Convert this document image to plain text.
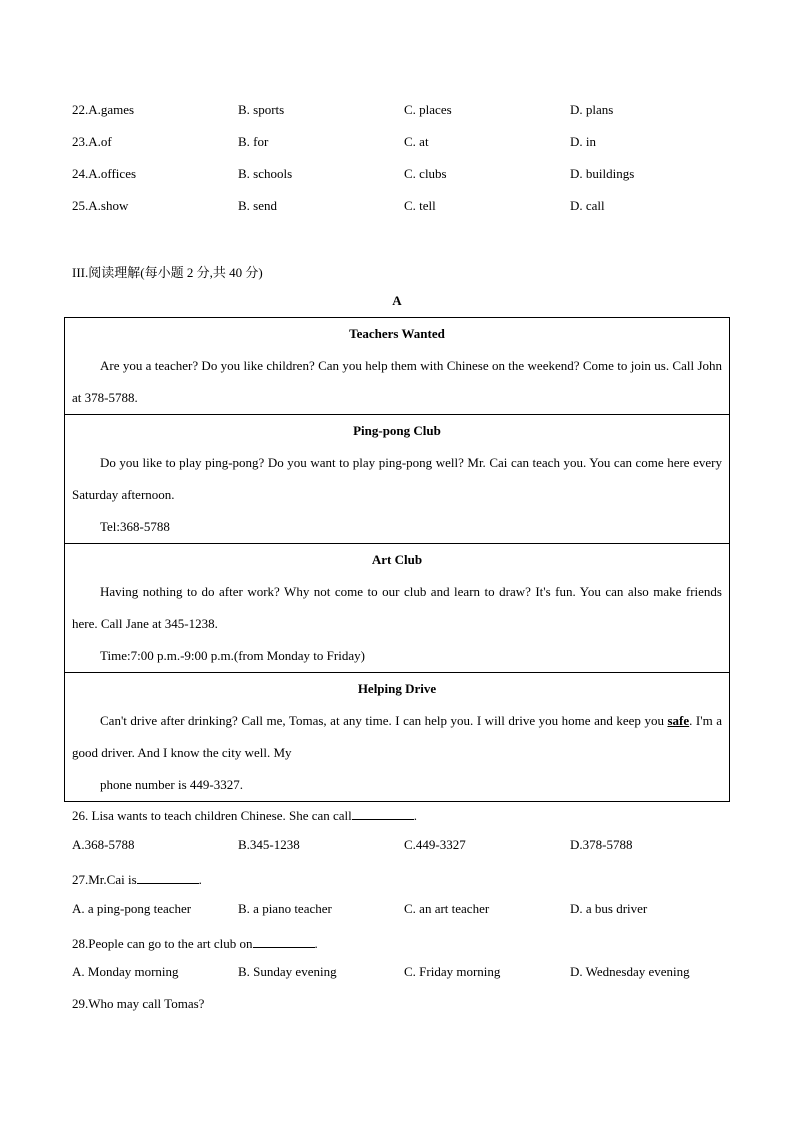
22.A.games	B. sports	C. places	D. plans
23.A.of	B. for	C. at	D. in
24.A.offices	B. schools	C. clubs	D. buildings
25.A.show	B. send	C. tell	D. call
III.阅读理解(每小题 2 分,共 40 分)
A
Teachers Wanted
Are you a teacher? Do you like children? Can you help them with Chinese on the weekend? Come to join us. Call John at 378-5788.
Ping-pong Club
Do you like to play ping-pong? Do you want to play ping-pong well? Mr. Cai can teach you. You can come here every Saturday afternoon.
Tel:368-5788
Art Club
Having nothing to do after work? Why not come to our club and learn to draw? It's fun. You can also make friends here. Call Jane at 345-1238.
Time:7:00 p.m.-9:00 p.m.(from Monday to Friday)
Helping Drive
Can't drive after drinking? Call me, Tomas, at any time. I can help you. I will drive you home and keep you safe. I'm a good driver. And I know the city well. My
phone number is 449-3327.
26. Lisa wants to teach children Chinese. She can call	.
A.368-5788	B.345-1238	C.449-3327	D.378-5788
27.Mr.Cai is	.
A. a ping-pong teacher	B. a piano teacher	C. an art teacher	D. a bus driver
28.People can go to the art club on	.
A. Monday morning	B. Sunday evening	C. Friday morning	D. Wednesday evening
29.Who may call Tomas?
